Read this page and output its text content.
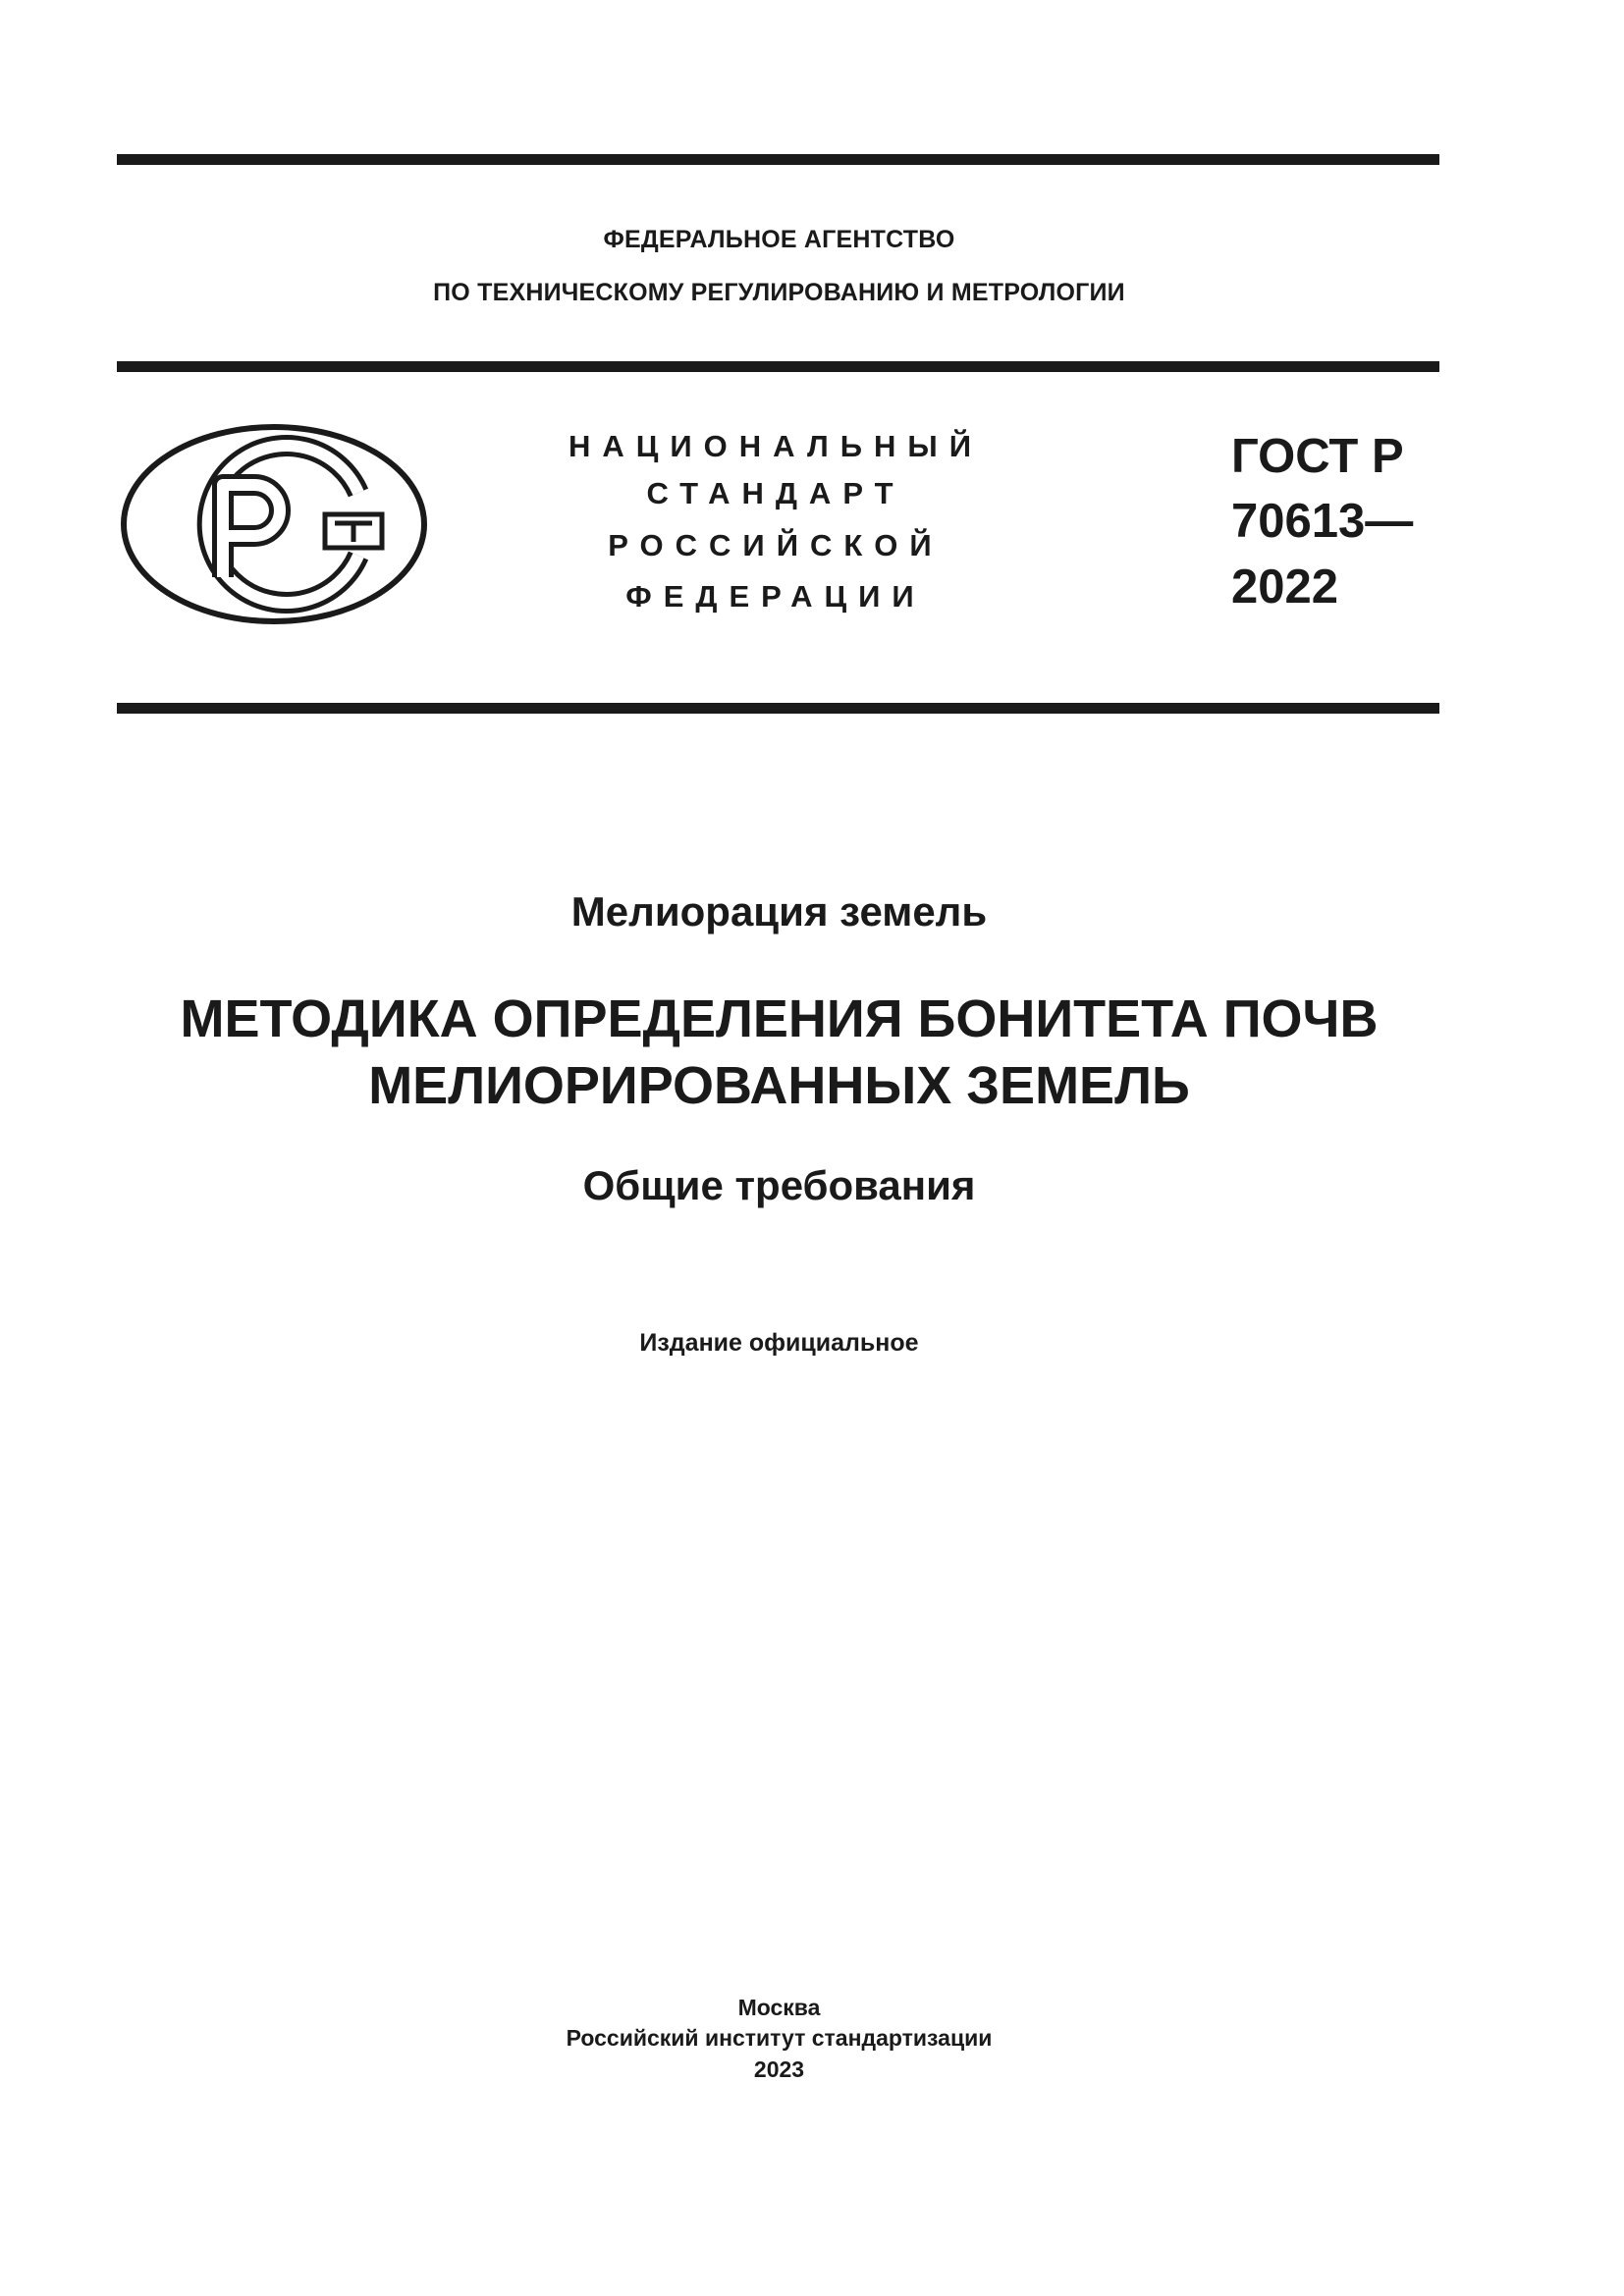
ФЕДЕРАЛЬНОЕ АГЕНТСТВО
ПО ТЕХНИЧЕСКОМУ РЕГУЛИРОВАНИЮ И МЕТРОЛОГИИ
НАЦИОНАЛЬНЫЙ
СТАНДАРТ
РОССИЙСКОЙ
ФЕДЕРАЦИИ
ГОСТ Р
70613—
2022
Мелиорация земель
МЕТОДИКА ОПРЕДЕЛЕНИЯ БОНИТЕТА ПОЧВ
МЕЛИОРИРОВАННЫХ ЗЕМЕЛЬ
Общие требования
Издание официальное
Москва
Российский институт стандартизации
2023
